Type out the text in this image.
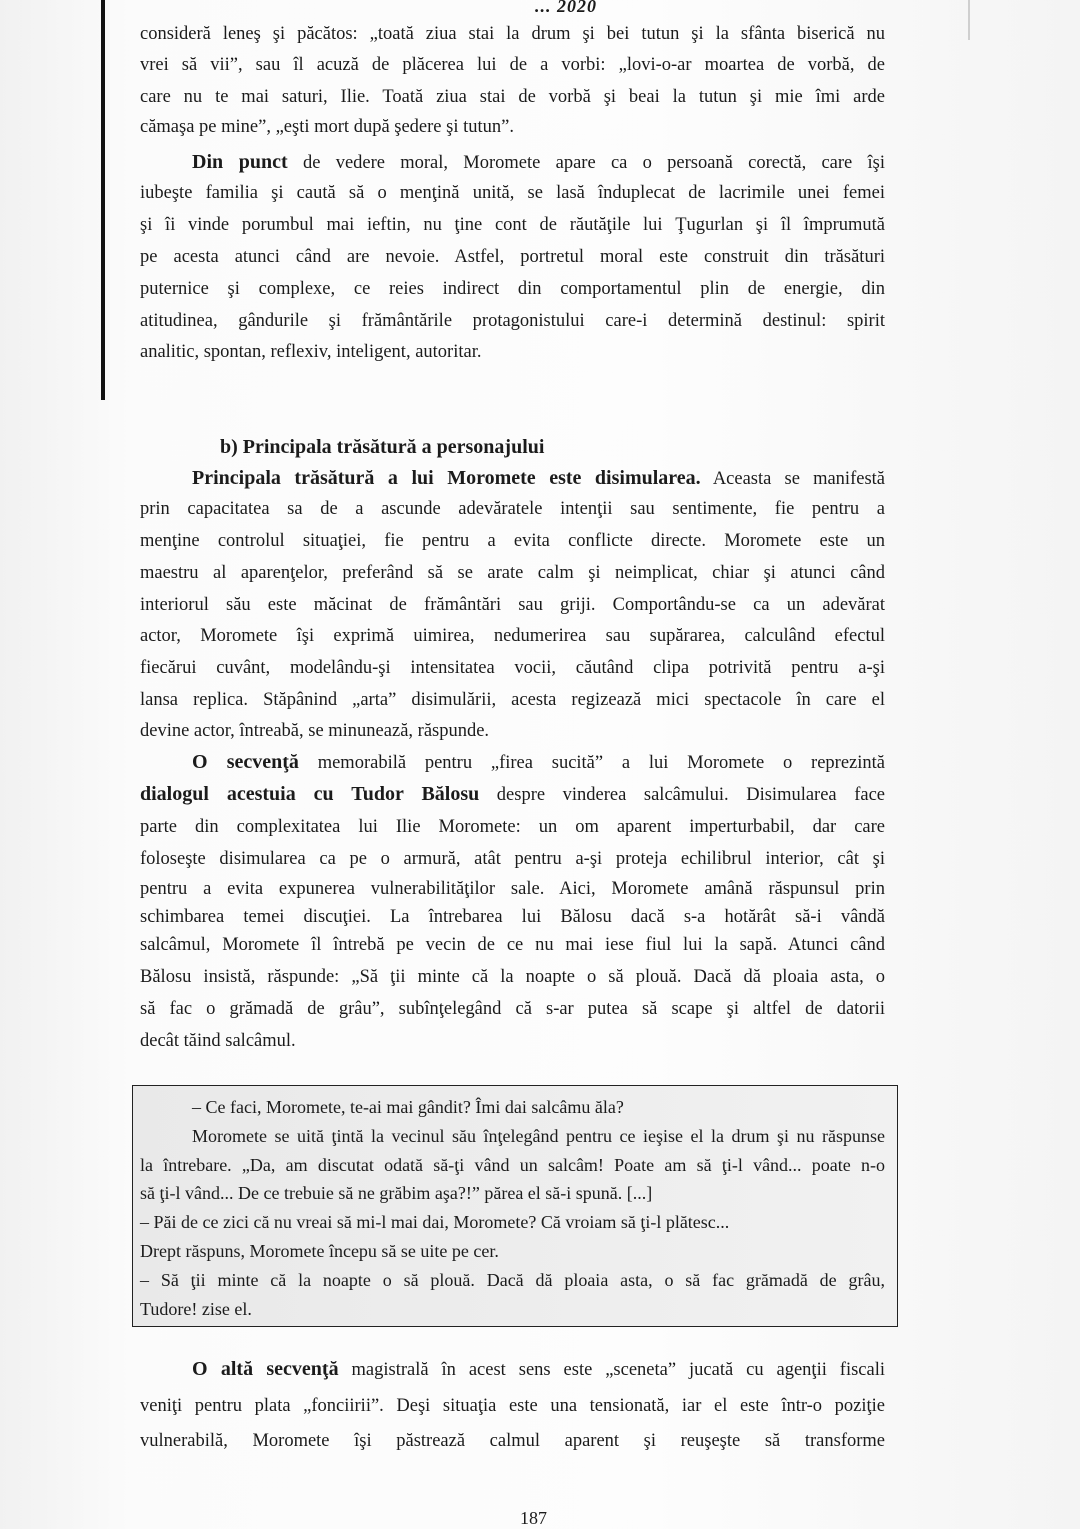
... 2020
b) Principala trăsătură a personajului
consideră leneş şi păcătos: „toată ziua stai la drum şi bei tutun şi la sfânta biserică nu
vrei să vii”, sau îl acuză de plăcerea lui de a vorbi: „lovi-o-ar moartea de vorbă, de
care nu te mai saturi, Ilie. Toată ziua stai de vorbă şi beai la tutun şi mie îmi arde
cămaşa pe mine”, „eşti mort după şedere şi tutun”.
Din punct de vedere moral, Moromete apare ca o persoană corectă, care îşi
iubeşte familia şi caută să o menţină unită, se lasă înduplecat de lacrimile unei femei
şi îi vinde porumbul mai ieftin, nu ţine cont de răutăţile lui Ţugurlan şi îl împrumută
pe acesta atunci când are nevoie. Astfel, portretul moral este construit din trăsături
puternice şi complexe, ce reies indirect din comportamentul plin de energie, din
atitudinea, gândurile şi frământările protagonistului care-i determină destinul: spirit
analitic, spontan, reflexiv, inteligent, autoritar.
Principala trăsătură a lui Moromete este disimularea. Aceasta se manifestă
prin capacitatea sa de a ascunde adevăratele intenţii sau sentimente, fie pentru a
menţine controlul situaţiei, fie pentru a evita conflicte directe. Moromete este un
maestru al aparenţelor, preferând să se arate calm şi neimplicat, chiar şi atunci când
interiorul său este măcinat de frământări sau griji. Comportându-se ca un adevărat
actor, Moromete îşi exprimă uimirea, nedumerirea sau supărarea, calculând efectul
fiecărui cuvânt, modelându-şi intensitatea vocii, căutând clipa potrivită pentru a-şi
lansa replica. Stăpânind „arta” disimulării, acesta regizează mici spectacole în care el
devine actor, întreabă, se minunează, răspunde.
O secvenţă memorabilă pentru „firea sucită” a lui Moromete o reprezintă
dialogul acestuia cu Tudor Bălosu despre vinderea salcâmului. Disimularea face
parte din complexitatea lui Ilie Moromete: un om aparent imperturbabil, dar care
foloseşte disimularea ca pe o armură, atât pentru a-şi proteja echilibrul interior, cât şi
pentru a evita expunerea vulnerabilităţilor sale. Aici, Moromete amână răspunsul prin
schimbarea temei discuţiei. La întrebarea lui Bălosu dacă s-a hotărât să-i vândă
salcâmul, Moromete îl întrebă pe vecin de ce nu mai iese fiul lui la sapă. Atunci când
Bălosu insistă, răspunde: „Să ţii minte că la noapte o să plouă. Dacă dă ploaia asta, o
să fac o grămadă de grâu”, subînţelegând că s-ar putea să scape şi altfel de datorii
decât tăind salcâmul.
– Ce faci, Moromete, te-ai mai gândit? Îmi dai salcâmu ăla?
Moromete se uită ţintă la vecinul său înţelegând pentru ce ieşise el la drum şi nu răspunse
la întrebare. „Da, am discutat odată să-ţi vând un salcâm! Poate am să ţi-l vând... poate n-o
să ţi-l vând... De ce trebuie să ne grăbim aşa?!” părea el să-i spună. [...]
– Păi de ce zici că nu vreai să mi-l mai dai, Moromete? Că vroiam să ţi-l plătesc...
Drept răspuns, Moromete începu să se uite pe cer.
– Să ţii minte că la noapte o să plouă. Dacă dă ploaia asta, o să fac grămadă de grâu,
Tudore! zise el.
O altă secvenţă magistrală în acest sens este „sceneta” jucată cu agenţii fiscali
veniţi pentru plata „fonciirii”. Deşi situaţia este una tensionată, iar el este într-o poziţie
vulnerabilă, Moromete îşi păstrează calmul aparent şi reuşeşte să transforme
187
